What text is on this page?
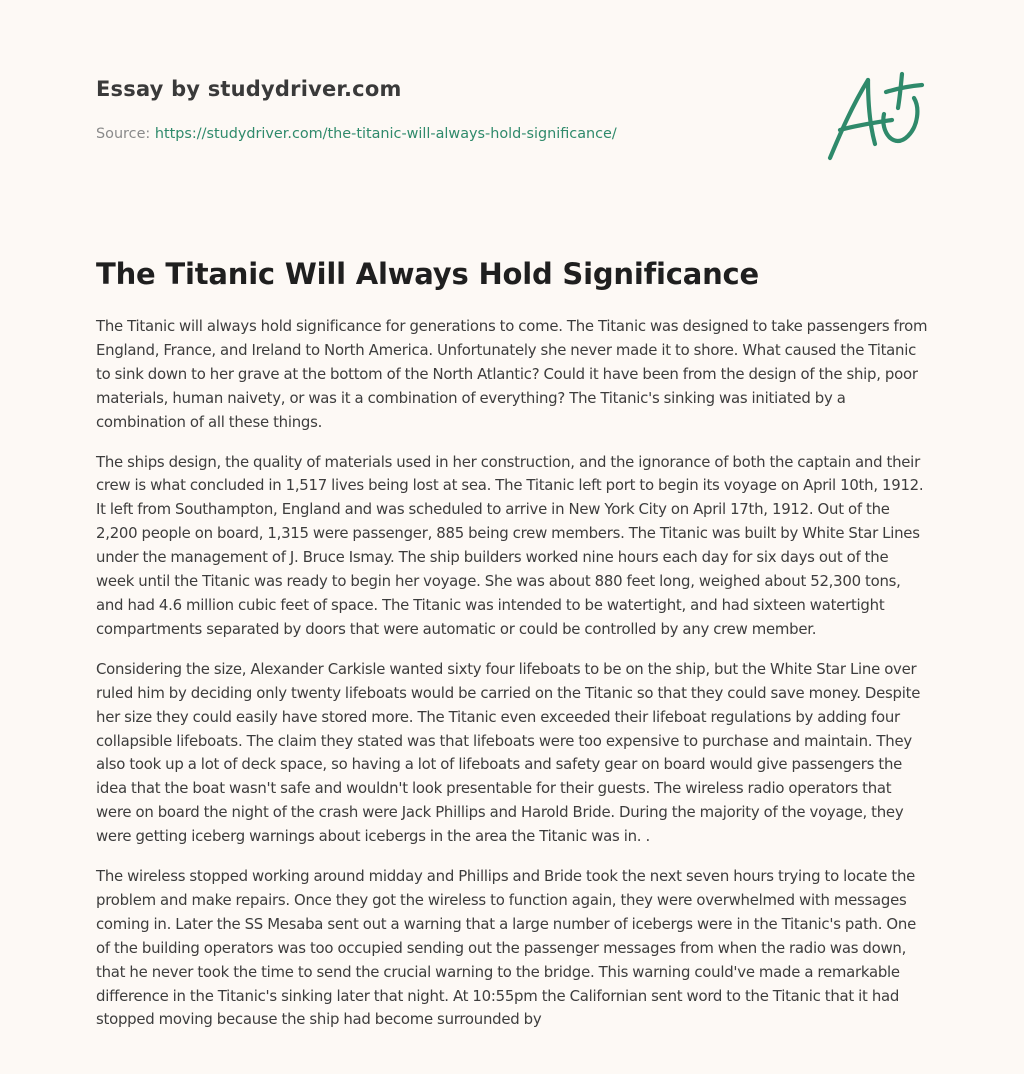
Essay by studydriver.com
Source: https://studydriver.com/the-titanic-will-always-hold-significance/
The Titanic Will Always Hold Significance

The Titanic will always hold significance for generations to come. The Titanic was designed to take passengers from England, France, and Ireland to North America. Unfortunately she never made it to shore. What caused the Titanic to sink down to her grave at the bottom of the North Atlantic? Could it have been from the design of the ship, poor materials, human naivety, or was it a combination of everything? The Titanic's sinking was initiated by a combination of all these things.

The ships design, the quality of materials used in her construction, and the ignorance of both the captain and their crew is what concluded in 1,517 lives being lost at sea. The Titanic left port to begin its voyage on April 10th, 1912. It left from Southampton, England and was scheduled to arrive in New York City on April 17th, 1912. Out of the 2,200 people on board, 1,315 were passenger, 885 being crew members. The Titanic was built by White Star Lines under the management of J. Bruce Ismay. The ship builders worked nine hours each day for six days out of the week until the Titanic was ready to begin her voyage. She was about 880 feet long, weighed about 52,300 tons, and had 4.6 million cubic feet of space. The Titanic was intended to be watertight, and had sixteen watertight compartments separated by doors that were automatic or could be controlled by any crew member.

Considering the size, Alexander Carkisle wanted sixty four lifeboats to be on the ship, but the White Star Line over ruled him by deciding only twenty lifeboats would be carried on the Titanic so that they could save money. Despite her size they could easily have stored more. The Titanic even exceeded their lifeboat regulations by adding four collapsible lifeboats. The claim they stated was that lifeboats were too expensive to purchase and maintain. They also took up a lot of deck space, so having a lot of lifeboats and safety gear on board would give passengers the idea that the boat wasn't safe and wouldn't look presentable for their guests. The wireless radio operators that were on board the night of the crash were Jack Phillips and Harold Bride. During the majority of the voyage, they were getting iceberg warnings about icebergs in the area the Titanic was in. .

The wireless stopped working around midday and Phillips and Bride took the next seven hours trying to locate the problem and make repairs. Once they got the wireless to function again, they were overwhelmed with messages coming in. Later the SS Mesaba sent out a warning that a large number of icebergs were in the Titanic's path. One of the building operators was too occupied sending out the passenger messages from when the radio was down, that he never took the time to send the crucial warning to the bridge. This warning could've made a remarkable difference in the Titanic's sinking later that night. At 10:55pm the Californian sent word to the Titanic that it had stopped moving because the ship had become surrounded by
